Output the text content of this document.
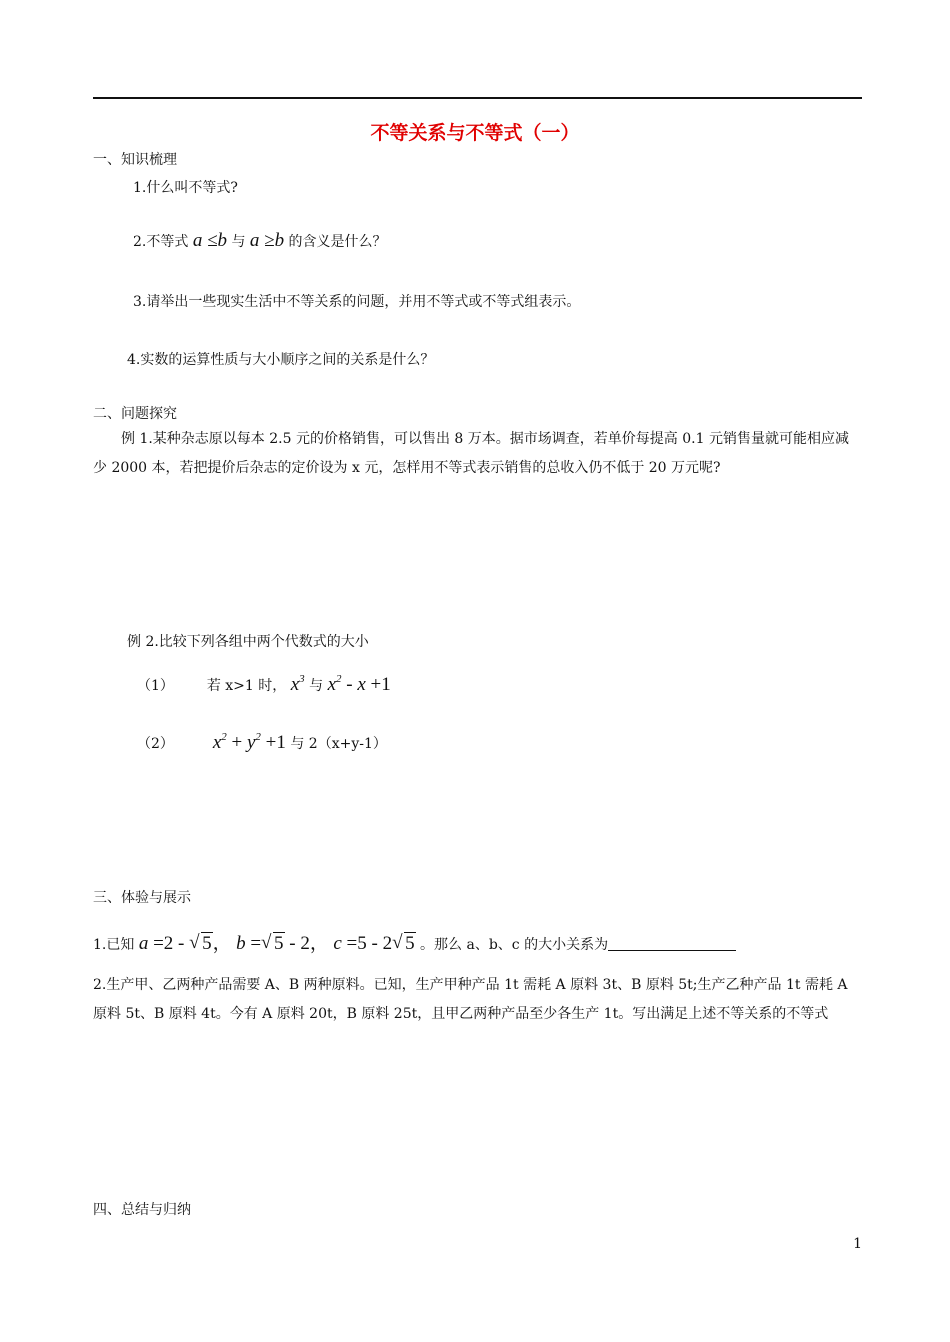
不等关系与不等式（一）
一、知识梳理
1.什么叫不等式?
2.不等式 a ≤b 与 a ≥b 的含义是什么？
3.请举出一些现实生活中不等关系的问题，并用不等式或不等式组表示。
4.实数的运算性质与大小顺序之间的关系是什么？
二、问题探究
例 1.某种杂志原以每本 2.5 元的价格销售，可以售出 8 万本。据市场调查，若单价每提高 0.1 元销售量就可能相应减少 2000 本，若把提价后杂志的定价设为 x 元，怎样用不等式表示销售的总收入仍不低于 20 万元呢?
例 2.比较下列各组中两个代数式的大小
（1） 若 x>1 时， $x^3$ 与 $x^2 - x +1$
（2） $x^2 + y^2 +1$ 与 2（x+y-1）
三、体验与展示
1.已知 a =2 - √ 5， b = √ 5 - 2， c =5 - 2 √ 5 。那么 a、b、c 的大小关系为
2.生产甲、乙两种产品需要 A、B 两种原料。已知，生产甲种产品 1t 需耗 A 原料 3t、B 原料 5t;生产乙种产品 1t 需耗 A 原料 5t、B 原料 4t。今有 A 原料 20t，B 原料 25t，且甲乙两种产品至少各生产 1t。写出满足上述不等关系的不等式
四、总结与归纳
1
